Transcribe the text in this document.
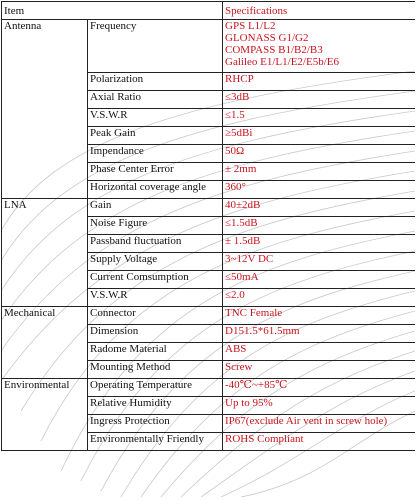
Item		Specifications
Antenna	Frequency	GPS L1/L2
GLONASS G1/G2
COMPASS B1/B2/B3
Galileo E1/L1/E2/E5b/E6

	Polarization	RHCP
	Axial Ratio	≤3dB
	V.S.W.R	≤1.5
	Peak Gain	≥5dBi
	Impendance	50Ω
	Phase Center Error	± 2mm
	Horizontal coverage angle	360°
LNA	Gain	40±2dB
	Noise Figure	≤1.5dB
	Passband fluctuation	± 1.5dB
	Supply Voltage	3~12V DC
	Current Comsumption	≤50mA
	V.S.W.R	≤2.0
Mechanical	Connector	TNC Female
	Dimension	D151.5*61.5mm
	Radome Material	ABS
	Mounting Method	Screw
Environmental	Operating Temperature	-40℃~+85℃
	Relative Humidity	Up to 95%
	Ingress Protection	IP67(exclude Air vent in screw hole)
	Environmentally Friendly	ROHS Compliant
